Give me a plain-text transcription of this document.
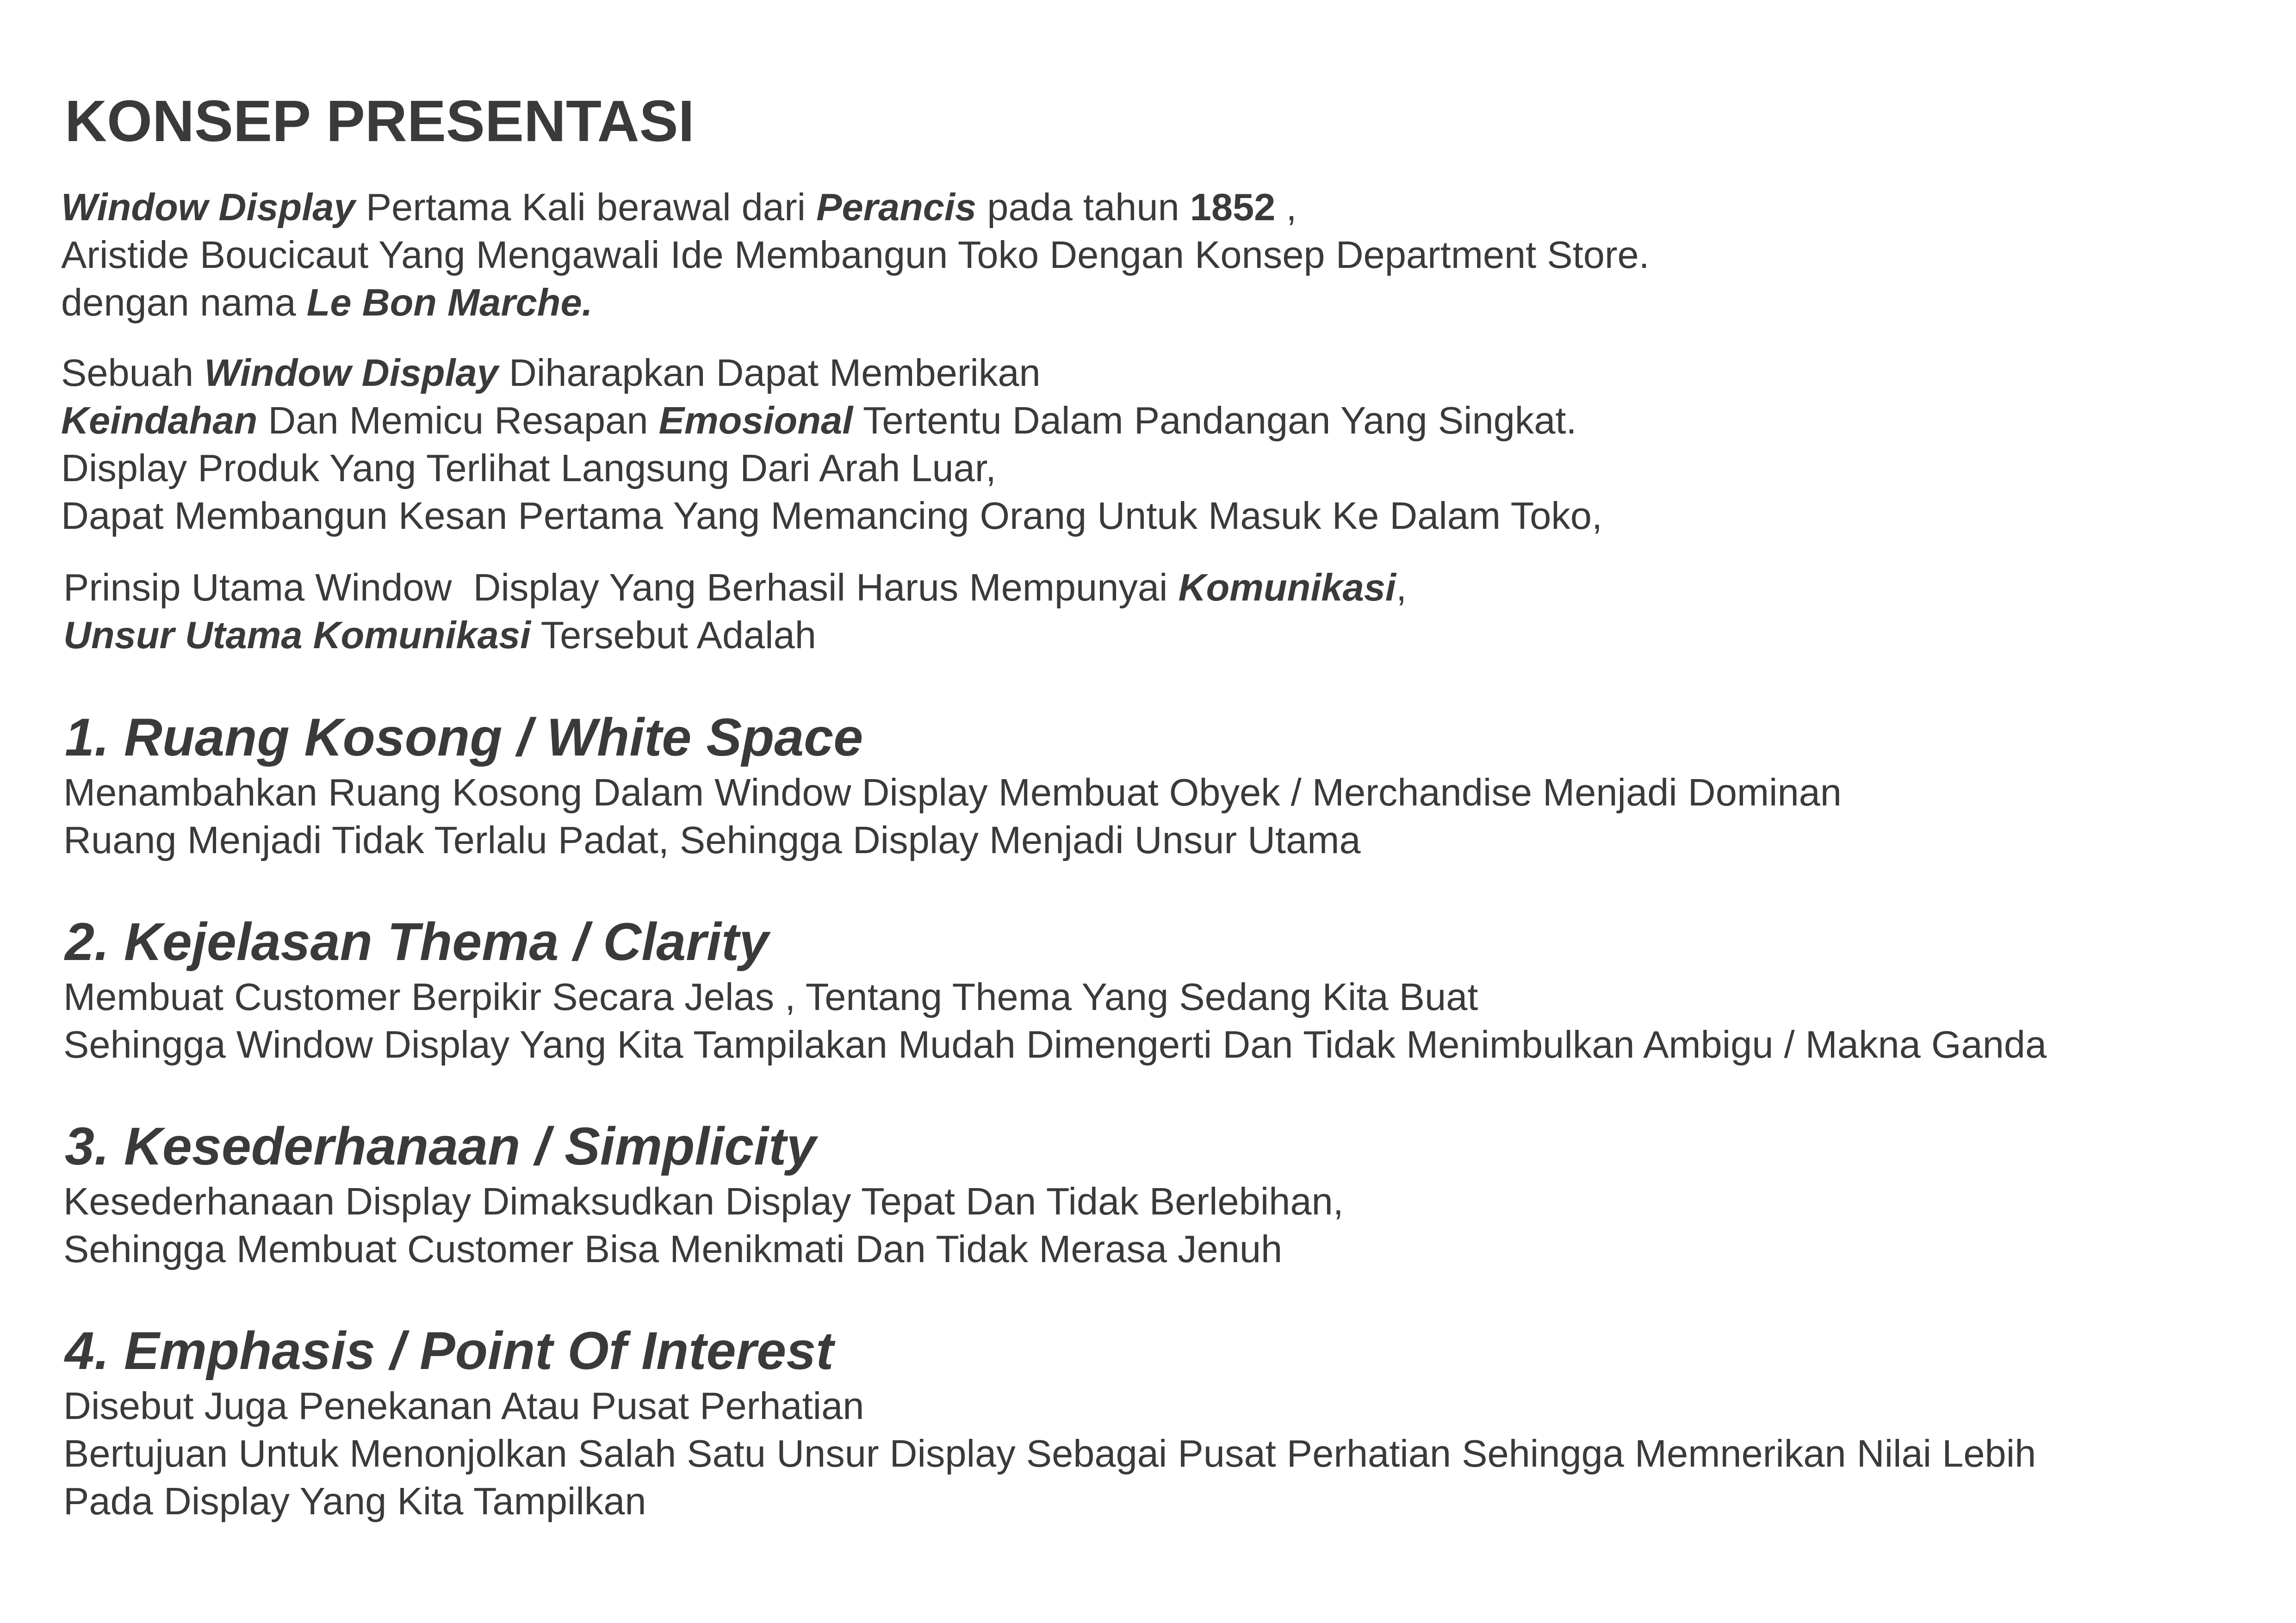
KONSEP PRESENTASI
Window Display Pertama Kali berawal dari Perancis pada tahun 1852 ,
Aristide Boucicaut Yang Mengawali Ide Membangun Toko Dengan Konsep Department Store.
dengan nama Le Bon Marche.
Sebuah Window Display Diharapkan Dapat Memberikan
Keindahan Dan Memicu Resapan Emosional Tertentu Dalam Pandangan Yang Singkat.
Display Produk Yang Terlihat Langsung Dari Arah Luar,
Dapat Membangun Kesan Pertama Yang Memancing Orang Untuk Masuk Ke Dalam Toko,
Prinsip Utama Window  Display Yang Berhasil Harus Mempunyai Komunikasi,
Unsur Utama Komunikasi Tersebut Adalah
1. Ruang Kosong / White Space
Menambahkan Ruang Kosong Dalam Window Display Membuat Obyek / Merchandise Menjadi Dominan
Ruang Menjadi Tidak Terlalu Padat, Sehingga Display Menjadi Unsur Utama
2. Kejelasan Thema / Clarity
Membuat Customer Berpikir Secara Jelas , Tentang Thema Yang Sedang Kita Buat
Sehingga Window Display Yang Kita Tampilakan Mudah Dimengerti Dan Tidak Menimbulkan Ambigu / Makna Ganda
3. Kesederhanaan / Simplicity
Kesederhanaan Display Dimaksudkan Display Tepat Dan Tidak Berlebihan,
Sehingga Membuat Customer Bisa Menikmati Dan Tidak Merasa Jenuh
4. Emphasis / Point Of Interest
Disebut Juga Penekanan Atau Pusat Perhatian
Bertujuan Untuk Menonjolkan Salah Satu Unsur Display Sebagai Pusat Perhatian Sehingga Memnerikan Nilai Lebih
Pada Display Yang Kita Tampilkan
